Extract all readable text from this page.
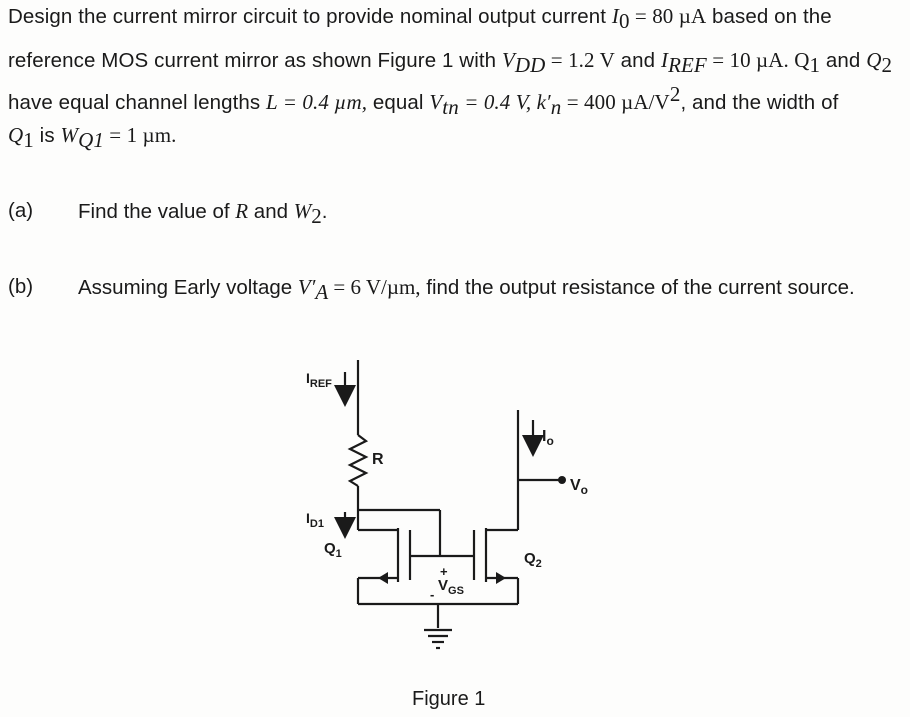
Design the current mirror circuit to provide nominal output current $I_0 = 80$ µA based on the
reference MOS current mirror as shown Figure 1 with $V_{DD} = 1.2$ V and $I_{REF} = 10$ µA. $Q_1$ and $Q_2$
have equal channel lengths L = 0.4 µm, equal $V_{tn} = 0.4$ V, $k'_n = 400$ $\mu A/V^2$, and the width of
$Q_1$ is $W_{Q1} = 1$ µm.
(a) Find the value of R and $W_2$.
(b) Assuming Early voltage $V'_A = 6$ V/µm, find the output resistance of the current source.
$I_{REF}$
R
$I_{D1}$
$Q_1$	$Q_2$
$I_o$
$V_o$
+
-
$V_{GS}$
Figure 1
